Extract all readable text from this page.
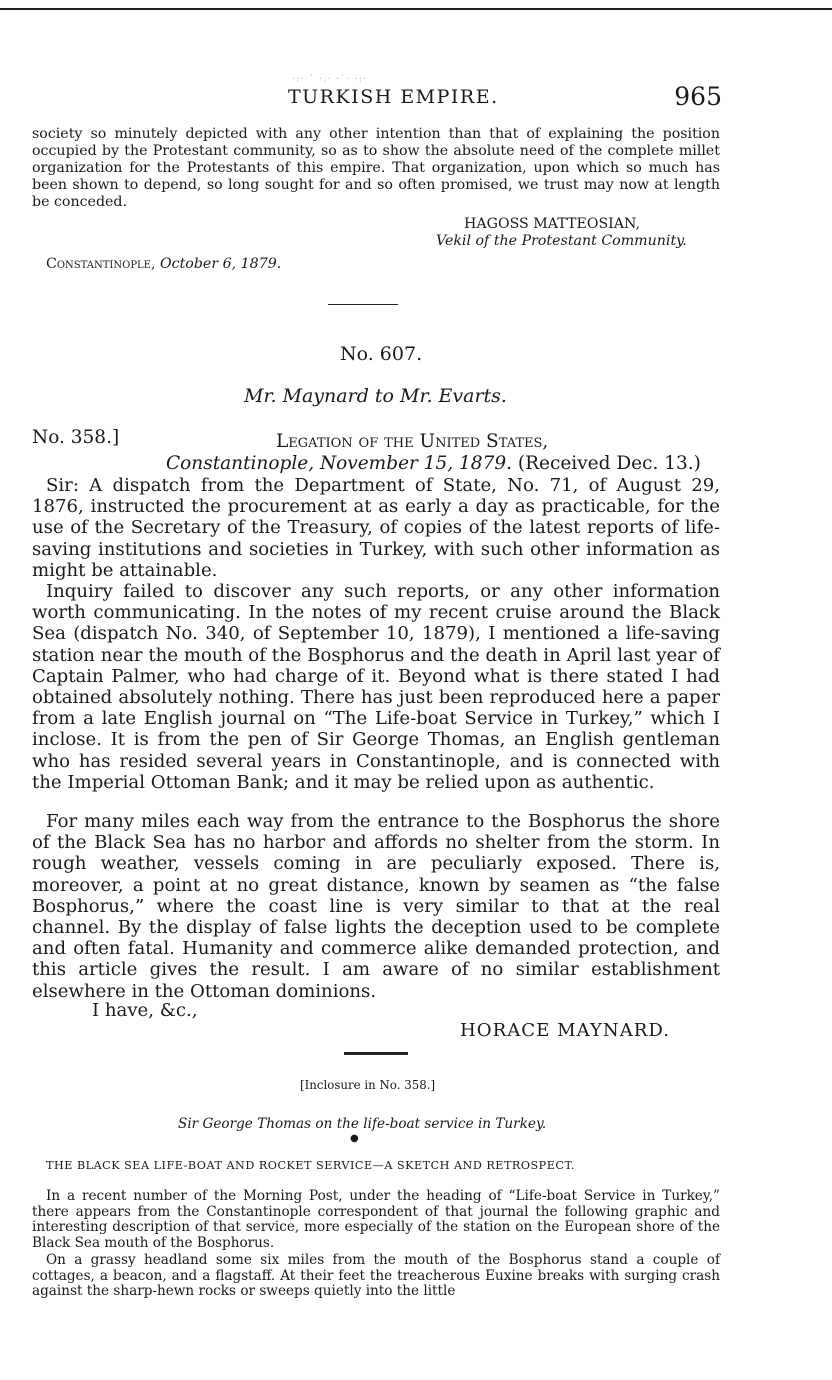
·:· ˙ ·.· ·˙· ·:·
TURKISH EMPIRE.	965

society so minutely depicted with any other intention than that of explaining the position occupied by the Protestant community, so as to show the absolute need of the complete millet organization for the Protestants of this empire. That organization, upon which so much has been shown to depend, so long sought for and so often promised, we trust may now at length be conceded.

HAGOSS MATTEOSIAN,
Vekil of the Protestant Community.
Constantinople, October 6, 1879.
No. 607.
Mr. Maynard to Mr. Evarts.
No. 358.]	Legation of the United States,
Constantinople, November 15, 1879. (Received Dec. 13.)

Sir: A dispatch from the Department of State, No. 71, of August 29, 1876, instructed the procurement at as early a day as practicable, for the use of the Secretary of the Treasury, of copies of the latest reports of life-saving institutions and societies in Turkey, with such other information as might be attainable.

Inquiry failed to discover any such reports, or any other information worth communicating. In the notes of my recent cruise around the Black Sea (dispatch No. 340, of September 10, 1879), I mentioned a life-saving station near the mouth of the Bosphorus and the death in April last year of Captain Palmer, who had charge of it. Beyond what is there stated I had obtained absolutely nothing. There has just been reproduced here a paper from a late English journal on “The Life-boat Service in Turkey,” which I inclose. It is from the pen of Sir George Thomas, an English gentleman who has resided several years in Constantinople, and is connected with the Imperial Ottoman Bank; and it may be relied upon as authentic.

For many miles each way from the entrance to the Bosphorus the shore of the Black Sea has no harbor and affords no shelter from the storm. In rough weather, vessels coming in are peculiarly exposed. There is, moreover, a point at no great distance, known by seamen as “the false Bosphorus,” where the coast line is very similar to that at the real channel. By the display of false lights the deception used to be complete and often fatal. Humanity and commerce alike demanded protection, and this article gives the result. I am aware of no similar establishment elsewhere in the Ottoman dominions.

I have, &c.,
HORACE MAYNARD.
[Inclosure in No. 358.]
Sir George Thomas on the life-boat service in Turkey.
●
THE BLACK SEA LIFE-BOAT AND ROCKET SERVICE—A SKETCH AND RETROSPECT.

In a recent number of the Morning Post, under the heading of “Life-boat Service in Turkey,” there appears from the Constantinople correspondent of that journal the following graphic and interesting description of that service, more especially of the station on the European shore of the Black Sea mouth of the Bosphorus.

On a grassy headland some six miles from the mouth of the Bosphorus stand a couple of cottages, a beacon, and a flagstaff. At their feet the treacherous Euxine breaks with surging crash against the sharp-hewn rocks or sweeps quietly into the little
